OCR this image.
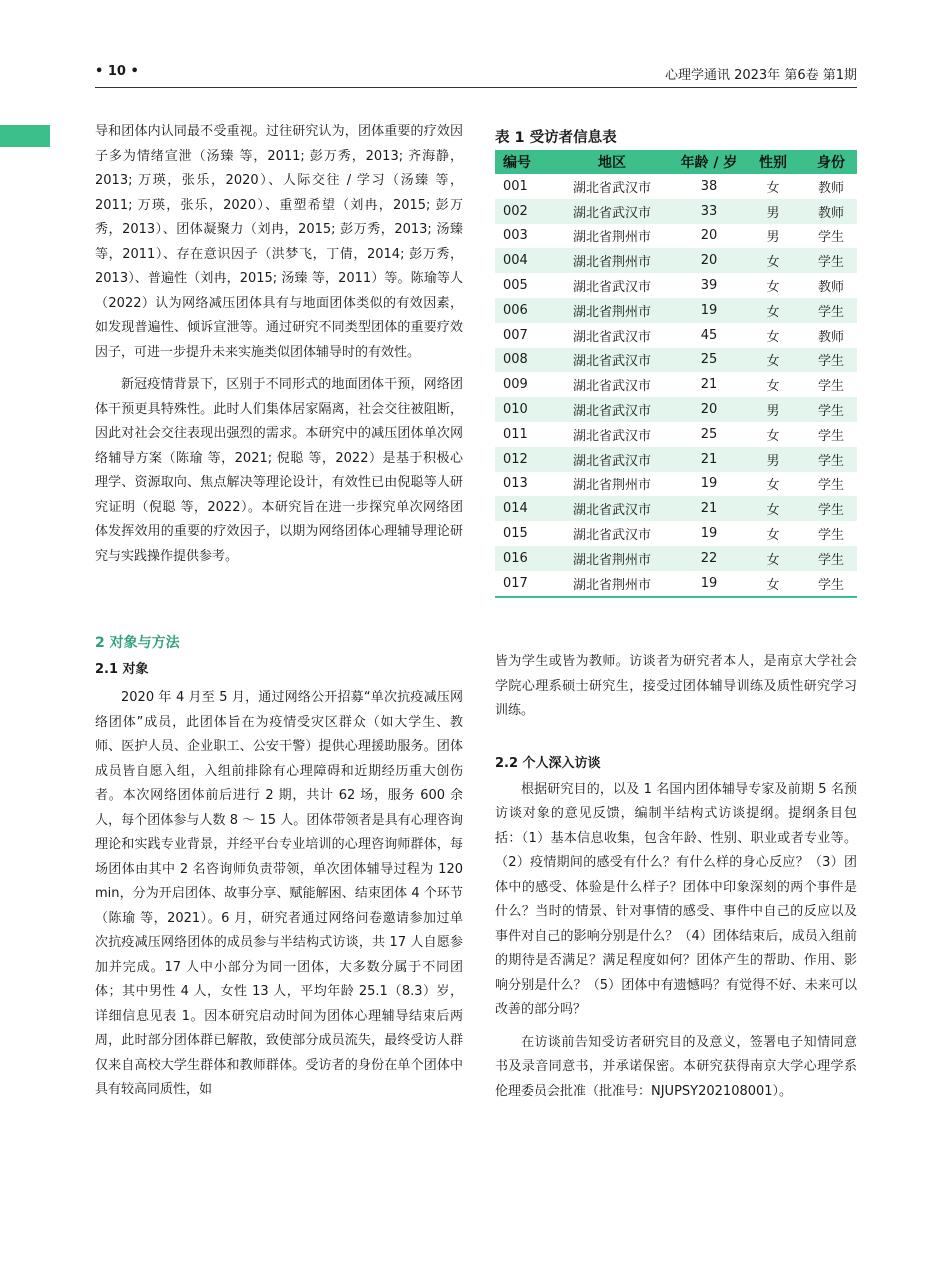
• 10 •	心理学通讯 2023年 第6卷 第1期

导和团体内认同最不受重视。过往研究认为，团体重要的疗效因子多为情绪宣泄（汤臻 等，2011; 彭万秀，2013; 齐海静，2013; 万瑛，张乐，2020）、人际交往 / 学习（汤臻 等，2011; 万瑛，张乐，2020）、重塑希望（刘冉，2015; 彭万秀，2013）、团体凝聚力（刘冉，2015; 彭万秀，2013; 汤臻 等，2011）、存在意识因子（洪梦飞，丁倩，2014; 彭万秀，2013）、普遍性（刘冉，2015; 汤臻 等，2011）等。陈瑜等人（2022）认为网络减压团体具有与地面团体类似的有效因素，如发现普遍性、倾诉宣泄等。通过研究不同类型团体的重要疗效因子，可进一步提升未来实施类似团体辅导时的有效性。

新冠疫情背景下，区别于不同形式的地面团体干预，网络团体干预更具特殊性。此时人们集体居家隔离，社会交往被阻断，因此对社会交往表现出强烈的需求。本研究中的减压团体单次网络辅导方案（陈瑜 等，2021; 倪聪 等，2022）是基于积极心理学、资源取向、焦点解决等理论设计，有效性已由倪聪等人研究证明（倪聪 等，2022）。本研究旨在进一步探究单次网络团体发挥效用的重要的疗效因子，以期为网络团体心理辅导理论研究与实践操作提供参考。

2 对象与方法
2.1 对象

2020 年 4 月至 5 月，通过网络公开招募“单次抗疫减压网络团体”成员，此团体旨在为疫情受灾区群众（如大学生、教师、医护人员、企业职工、公安干警）提供心理援助服务。团体成员皆自愿入组，入组前排除有心理障碍和近期经历重大创伤者。本次网络团体前后进行 2 期，共计 62 场，服务 600 余人，每个团体参与人数 8 ～ 15 人。团体带领者是具有心理咨询理论和实践专业背景，并经平台专业培训的心理咨询师群体，每场团体由其中 2 名咨询师负责带领，单次团体辅导过程为 120 min，分为开启团体、故事分享、赋能解困、结束团体 4 个环节（陈瑜 等，2021）。6 月，研究者通过网络问卷邀请参加过单次抗疫减压网络团体的成员参与半结构式访谈，共 17 人自愿参加并完成。17 人中小部分为同一团体，大多数分属于不同团体；其中男性 4 人，女性 13 人，平均年龄 25.1（8.3）岁，详细信息见表 1。因本研究启动时间为团体心理辅导结束后两周，此时部分团体群已解散，致使部分成员流失，最终受访人群仅来自高校大学生群体和教师群体。受访者的身份在单个团体中具有较高同质性，如

表 1 受访者信息表
编号	地区	年龄 / 岁	性别	身份
001	湖北省武汉市	38	女	教师
002	湖北省武汉市	33	男	教师
003	湖北省荆州市	20	男	学生
004	湖北省荆州市	20	女	学生
005	湖北省武汉市	39	女	教师
006	湖北省荆州市	19	女	学生
007	湖北省武汉市	45	女	教师
008	湖北省武汉市	25	女	学生
009	湖北省武汉市	21	女	学生
010	湖北省武汉市	20	男	学生
011	湖北省武汉市	25	女	学生
012	湖北省武汉市	21	男	学生
013	湖北省荆州市	19	女	学生
014	湖北省武汉市	21	女	学生
015	湖北省武汉市	19	女	学生
016	湖北省荆州市	22	女	学生
017	湖北省荆州市	19	女	学生

皆为学生或皆为教师。访谈者为研究者本人，是南京大学社会学院心理系硕士研究生，接受过团体辅导训练及质性研究学习训练。

2.2 个人深入访谈

根据研究目的，以及 1 名国内团体辅导专家及前期 5 名预访谈对象的意见反馈，编制半结构式访谈提纲。提纲条目包括：（1）基本信息收集，包含年龄、性别、职业或者专业等。（2）疫情期间的感受有什么？有什么样的身心反应？（3）团体中的感受、体验是什么样子？团体中印象深刻的两个事件是什么？当时的情景、针对事情的感受、事件中自己的反应以及事件对自己的影响分别是什么？（4）团体结束后，成员入组前的期待是否满足？满足程度如何？团体产生的帮助、作用、影响分别是什么？（5）团体中有遗憾吗？有觉得不好、未来可以改善的部分吗？

在访谈前告知受访者研究目的及意义，签署电子知情同意书及录音同意书，并承诺保密。本研究获得南京大学心理学系伦理委员会批准（批准号：NJUPSY202108001）。
